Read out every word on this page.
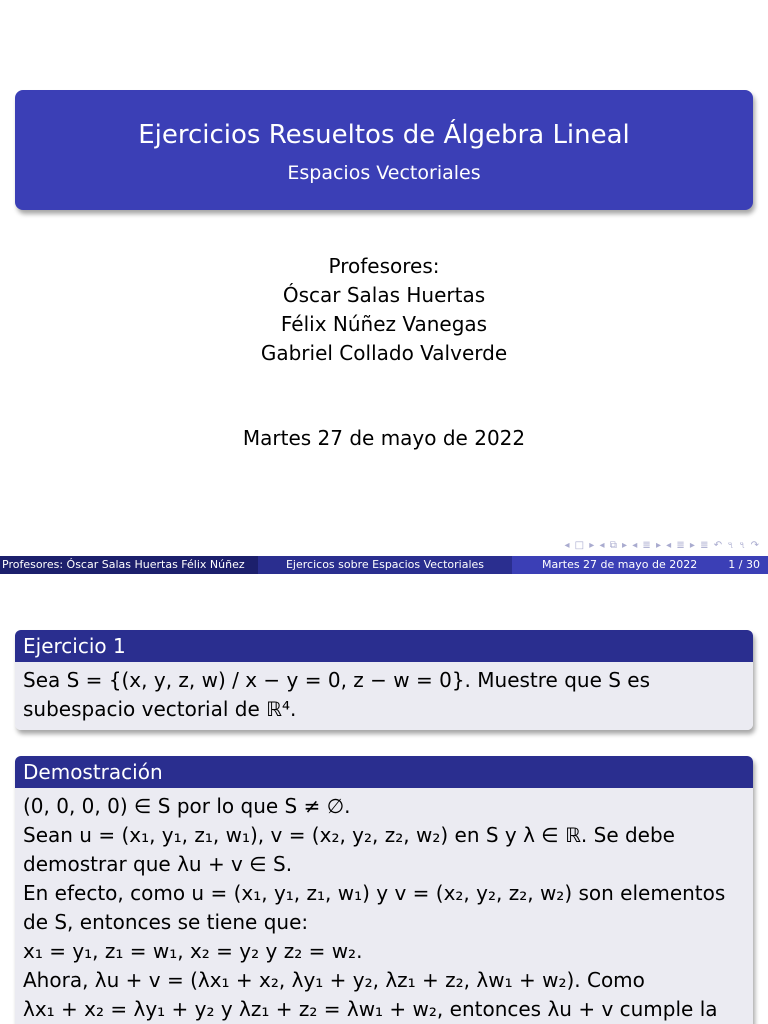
Ejercicios Resueltos de Álgebra Lineal
Espacios Vectoriales
Profesores:
Óscar Salas Huertas
Félix Núñez Vanegas
Gabriel Collado Valverde
Martes 27 de mayo de 2022
◂ □ ▸ ◂ ⧉ ▸ ◂ ≣ ▸ ◂ ≣ ▸ ≣ ↶ ৭ ৭ ↷
Profesores: Óscar Salas Huertas Félix Núñez	Ejercicos sobre Espacios Vectoriales	Martes 27 de mayo de 2022	1 / 30
Ejercicio 1
Sea S = {(x, y, z, w) / x − y = 0, z − w = 0}. Muestre que S es
subespacio vectorial de ℝ⁴.
Demostración
(0, 0, 0, 0) ∈ S por lo que S ≠ ∅.
Sean u = (x₁, y₁, z₁, w₁), v = (x₂, y₂, z₂, w₂) en S y λ ∈ ℝ. Se debe
demostrar que λu + v ∈ S.
En efecto, como u = (x₁, y₁, z₁, w₁) y v = (x₂, y₂, z₂, w₂) son elementos
de S, entonces se tiene que:
x₁ = y₁, z₁ = w₁, x₂ = y₂ y z₂ = w₂.
Ahora, λu + v = (λx₁ + x₂, λy₁ + y₂, λz₁ + z₂, λw₁ + w₂). Como
λx₁ + x₂ = λy₁ + y₂ y λz₁ + z₂ = λw₁ + w₂, entonces λu + v cumple la
